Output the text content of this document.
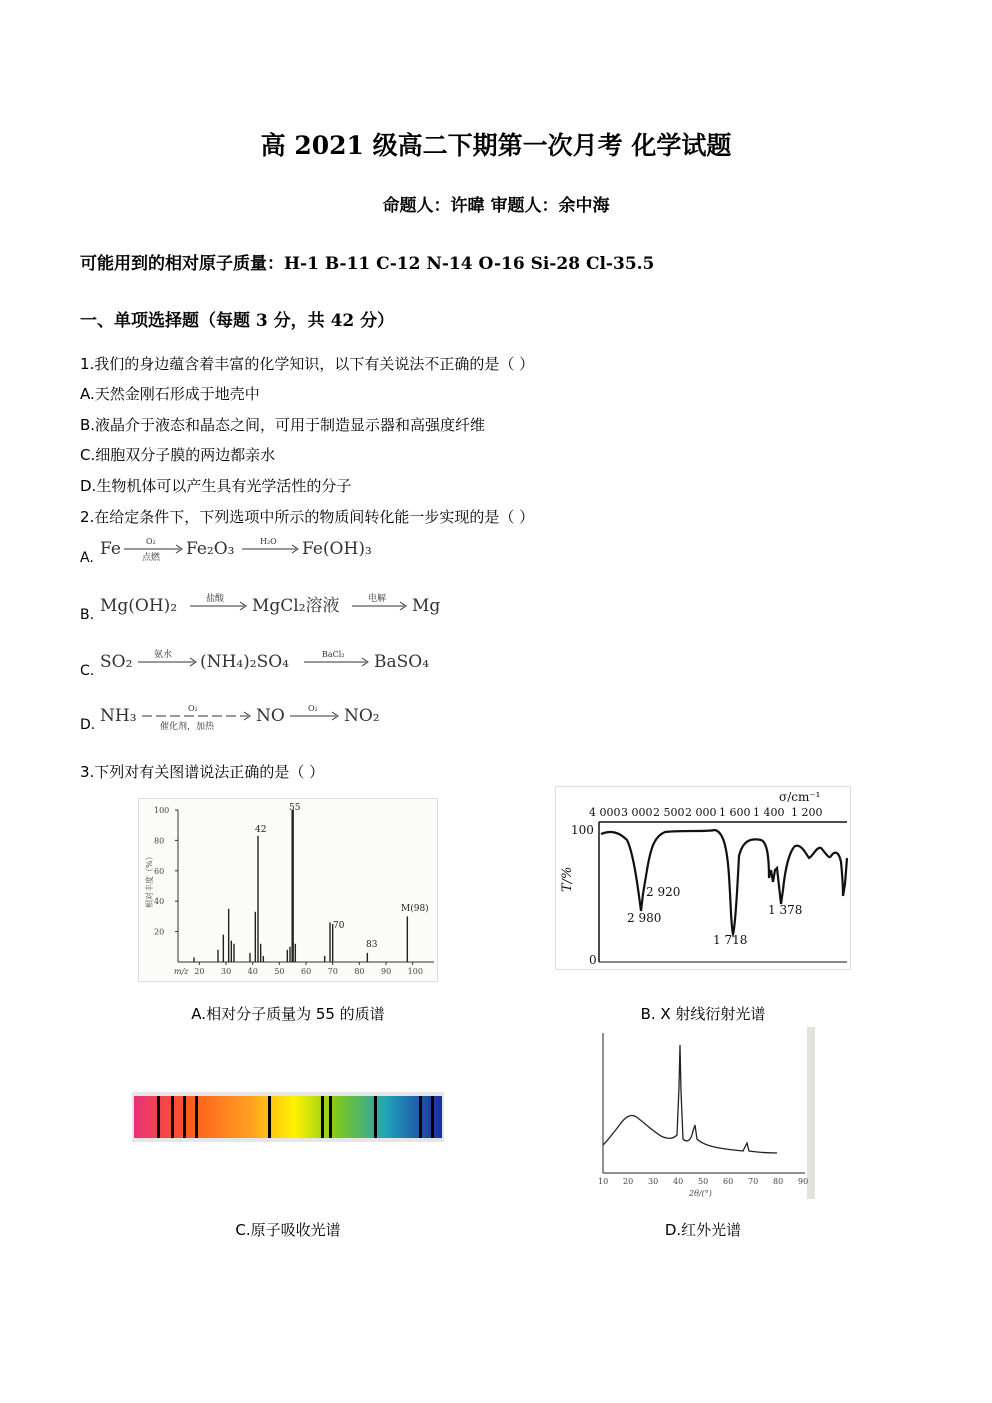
高 2021 级高二下期第一次月考 化学试题
命题人：许暐 审题人：余中海
可能用到的相对原子质量：H-1 B-11 C-12 N-14 O-16 Si-28 Cl-35.5
一、单项选择题（每题 3 分，共 42 分）
1.我们的身边蕴含着丰富的化学知识，以下有关说法不正确的是（ ）
A.天然金刚石形成于地壳中
B.液晶介于液态和晶态之间，可用于制造显示器和高强度纤维
C.细胞双分子膜的两边都亲水
D.生物机体可以产生具有光学活性的分子
2.在给定条件下，下列选项中所示的物质间转化能一步实现的是（ ）
A. Fe	O₂
点燃 Fe₂O₃	H₂O Fe(OH)₃
B. Mg(OH)₂	盐酸 MgCl₂溶液	电解 Mg
C. SO₂ 氨水 (NH₄)₂SO₄	BaCl₂ BaSO₄
D. NH₃	O₂
催化剂，加热
NO	O₂ NO₂
3.下列对有关图谱说法正确的是（ ）
100
80
60
40
20
20 30 40 50 60 70 80 90 100
相对丰度（%）
m/z
55
42
70
83
M(98)
σ/cm⁻¹
4 000 3 000 2 500 2 000 1 600 1 400 1 200
100
0
T/%	2 920
2 980
1 718
1 378
A.相对分子质量为 55 的质谱	B. X 射线衍射光谱
10 20 30 40 50 60 70 80 90
2θ/(°)
C.原子吸收光谱	D.红外光谱
